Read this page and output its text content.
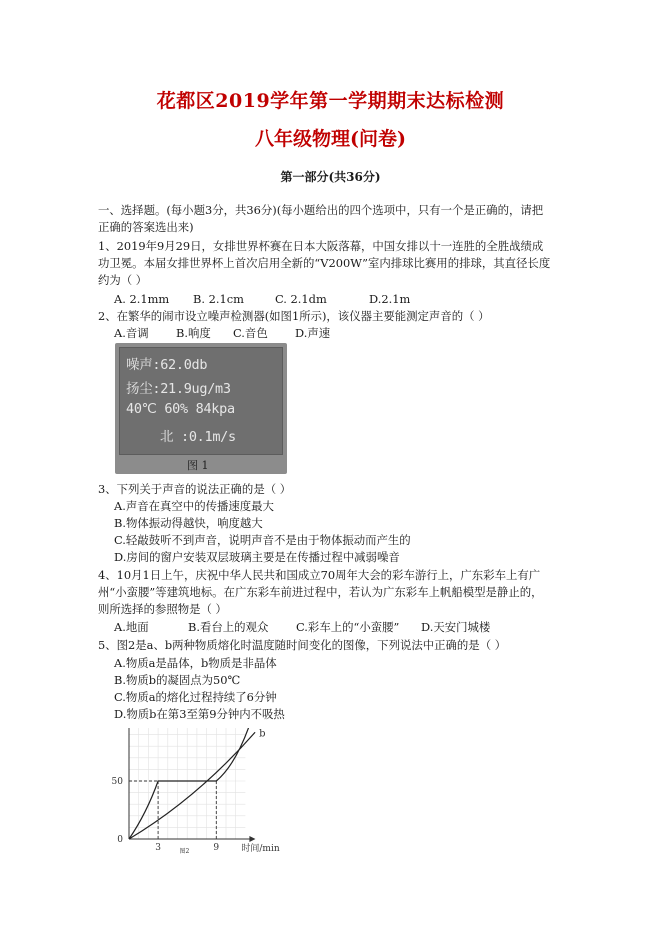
花都区2019学年第一学期期末达标检测
八年级物理(问卷)
第一部分(共36分)
一、选择题。(每小题3分，共36分)(每小题给出的四个选项中，只有一个是正确的，请把
正确的答案选出来)
1、2019年9月29日，女排世界杯赛在日本大阪落幕，中国女排以十一连胜的全胜战绩成
功卫冕。本届女排世界杯上首次启用全新的“V200W”室内排球比赛用的排球，其直径长度
约为（ ）
A. 2.1mm B. 2.1cm	C. 2.1dm	D.2.1m
2、在繁华的闹市设立噪声检测器(如图1所示)，该仪器主要能测定声音的（ ）
A.音调 B.响度 C.音色 D.声速
噪声:62.0db
扬尘:21.9ug/m3
40℃ 60% 84kpa
北 :0.1m/s
图 1
3、下列关于声音的说法正确的是（ ）
A.声音在真空中的传播速度最大
B.物体振动得越快，响度越大
C.轻敲鼓听不到声音，说明声音不是由于物体振动而产生的
D.房间的窗户安装双层玻璃主要是在传播过程中减弱噪音
4、10月1日上午，庆祝中华人民共和国成立70周年大会的彩车游行上，广东彩车上有广
州“小蛮腰”等建筑地标。在广东彩车前进过程中，若认为广东彩车上帆船模型是静止的，
则所选择的参照物是（ ）
A.地面	B.看台上的观众 C.彩车上的“小蛮腰” D.天安门城楼
5、图2是a、b两种物质熔化时温度随时间变化的图像，下列说法中正确的是（ ）
A.物质a是晶体，b物质是非晶体
B.物质b的凝固点为50℃
C.物质a的熔化过程持续了6分钟
D.物质b在第3至第9分钟内不吸热
b
0
50
3	9 时间/min
图2
